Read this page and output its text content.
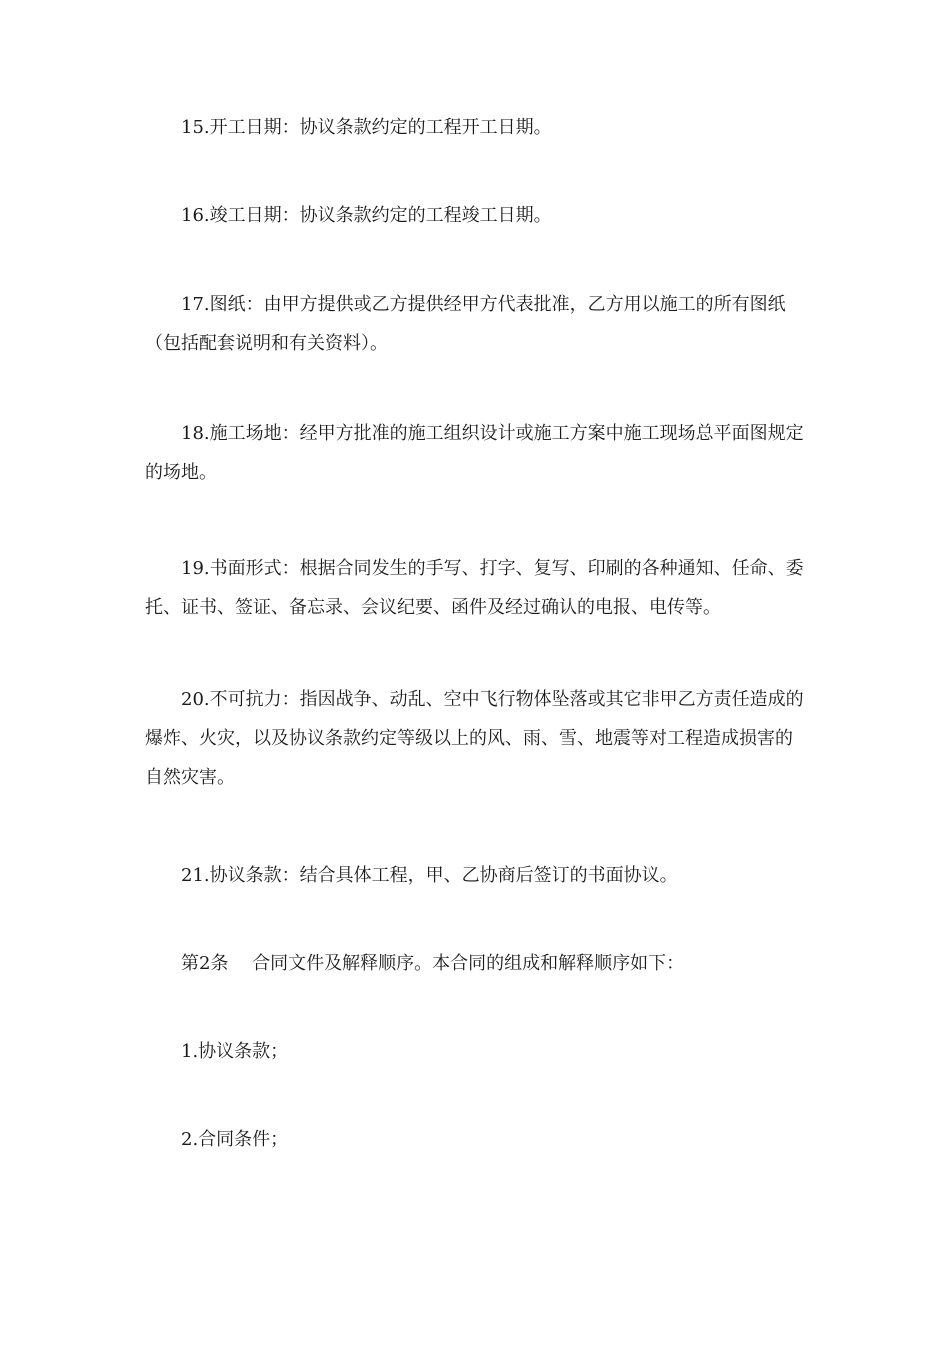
15.开工日期：协议条款约定的工程开工日期。

16.竣工日期：协议条款约定的工程竣工日期。

17.图纸：由甲方提供或乙方提供经甲方代表批准，乙方用以施工的所有图纸（包括配套说明和有关资料）。

18.施工场地：经甲方批准的施工组织设计或施工方案中施工现场总平面图规定的场地。

19.书面形式：根据合同发生的手写、打字、复写、印刷的各种通知、任命、委托、证书、签证、备忘录、会议纪要、函件及经过确认的电报、电传等。

20.不可抗力：指因战争、动乱、空中飞行物体坠落或其它非甲乙方责任造成的爆炸、火灾，以及协议条款约定等级以上的风、雨、雪、地震等对工程造成损害的自然灾害。

21.协议条款：结合具体工程，甲、乙协商后签订的书面协议。

第2条　 合同文件及解释顺序。本合同的组成和解释顺序如下：

1.协议条款；

2.合同条件；
